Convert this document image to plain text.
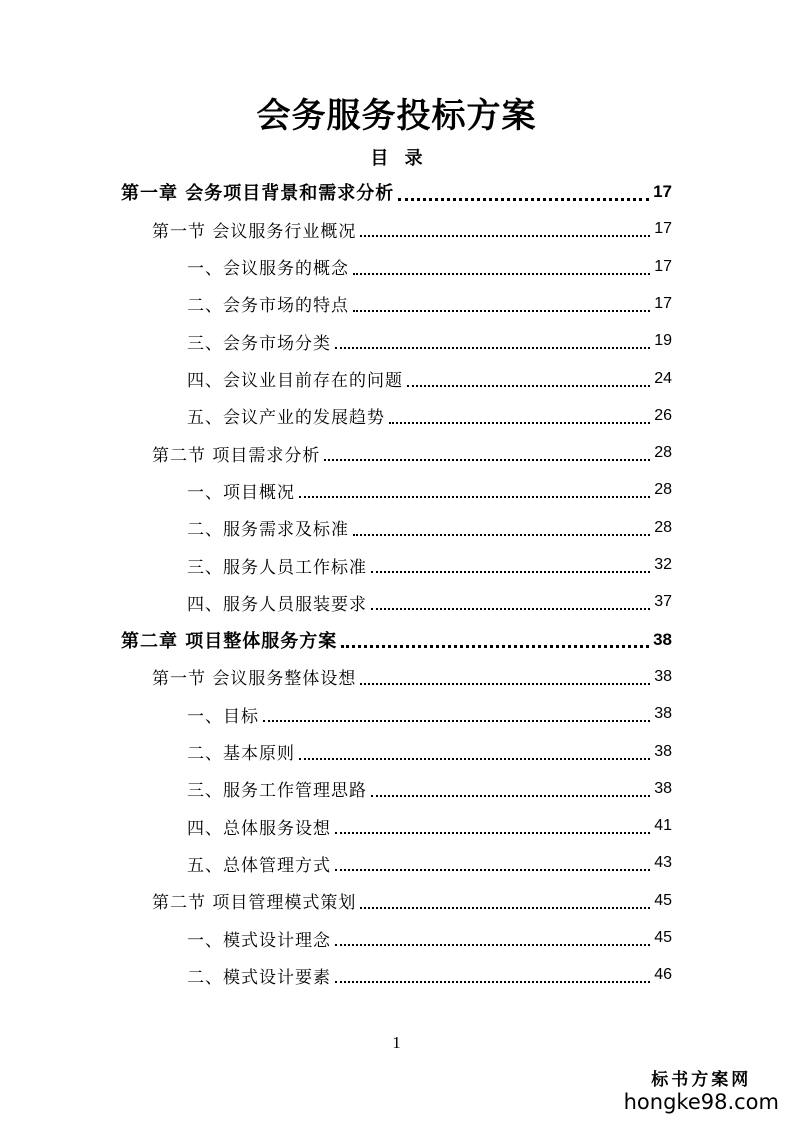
会务服务投标方案
目 录
第一章 会务项目背景和需求分析	17
第一节 会议服务行业概况	17
一、会议服务的概念	17
二、会务市场的特点	17
三、会务市场分类	19
四、会议业目前存在的问题	24
五、会议产业的发展趋势	26
第二节 项目需求分析	28
一、项目概况	28
二、服务需求及标准	28
三、服务人员工作标准	32
四、服务人员服装要求	37
第二章 项目整体服务方案	38
第一节 会议服务整体设想	38
一、目标	38
二、基本原则	38
三、服务工作管理思路	38
四、总体服务设想	41
五、总体管理方式	43
第二节 项目管理模式策划	45
一、模式设计理念	45
二、模式设计要素	46
1
标书方案网
hongke98.com
